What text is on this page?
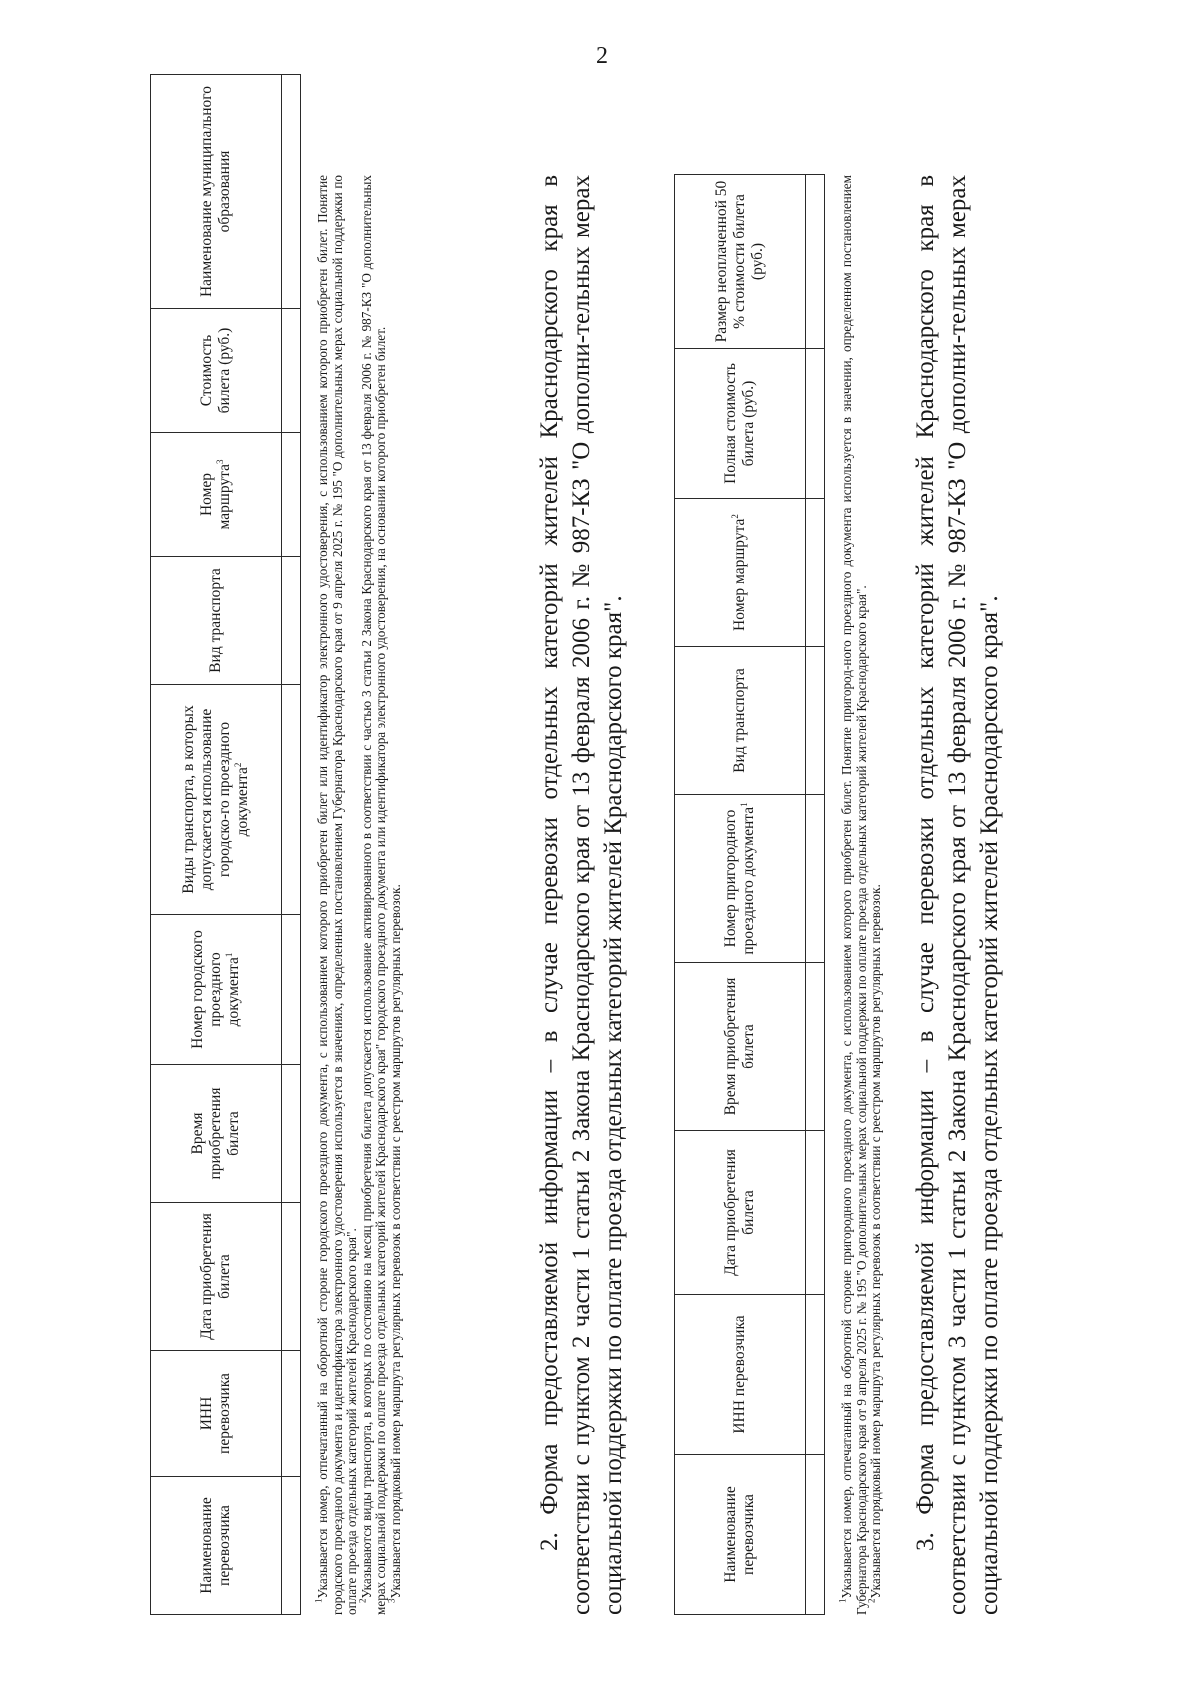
2
Наименование перевозчика	ИНН перевозчика	Дата приобретения билета	Время приобретения билета	Номер городского проездного документа$^1$	Виды транспорта, в которых допускается использование городско-го проездного документа$^2$	Вид транспорта	Номер маршрута$^3$	Стоимость билета (руб.)	Наименование муниципального образования

$^1$Указывается номер, отпечатанный на оборотной стороне городского проездного документа, с использованием которого приобретен билет или идентификатор электронного удостоверения, с использованием которого приобретен билет. Понятие городского проездного документа и идентификатора электронного удостоверения используется в значениях, определенных постановлением Губернатора Краснодарского края от 9 апреля 2025 г. № 195 "О дополнительных мерах социальной поддержки по оплате проезда отдельных категорий жителей Краснодарского края".

$^2$Указываются виды транспорта, в которых по состоянию на месяц приобретения билета допускается использование активированного в соответствии с частью 3 статьи 2 Закона Краснодарского края от 13 февраля 2006 г. № 987-КЗ "О дополнительных мерах социальной поддержки по оплате проезда отдельных категорий жителей Краснодарского края" городского проездного документа или идентификатора электронного удостоверения, на основании которого приобретен билет.

$^3$Указывается порядковый номер маршрута регулярных перевозок в соответствии с реестром маршрутов регулярных перевозок.	2. Форма предоставляемой информации – в случае перевозки отдельных категорий жителей Краснодарского края в соответствии с пунктом 2 части 1 статьи 2 Закона Краснодарского края от 13 февраля 2006 г. № 987-КЗ "О дополни-тельных мерах социальной поддержки по оплате проезда отдельных категорий жителей Краснодарского края".	Наименование перевозчика	ИНН перевозчика	Дата приобретения билета	Время приобретения билета	Номер пригородного проездного документа$^1$	Вид транспорта	Номер маршрута$^2$	Полная стоимость билета (руб.)	Размер неоплаченной 50 % стоимости билета (руб.)

$^1$Указывается номер, отпечатанный на оборотной стороне пригородного проездного документа, с использованием которого приобретен билет. Понятие пригород-ного проездного документа используется в значении, определенном постановлением Губернатора Краснодарского края от 9 апреля 2025 г. № 195 "О дополнительных мерах социальной поддержки по оплате проезда отдельных категорий жителей Краснодарского края".

$^2$Указывается порядковый номер маршрута регулярных перевозок в соответствии с реестром маршрутов регулярных перевозок. 3. Форма предоставляемой информации – в случае перевозки отдельных категорий жителей Краснодарского края в соответствии с пунктом 3 части 1 статьи 2 Закона Краснодарского края от 13 февраля 2006 г. № 987-КЗ "О дополни-тельных мерах социальной поддержки по оплате проезда отдельных категорий жителей Краснодарского края".
